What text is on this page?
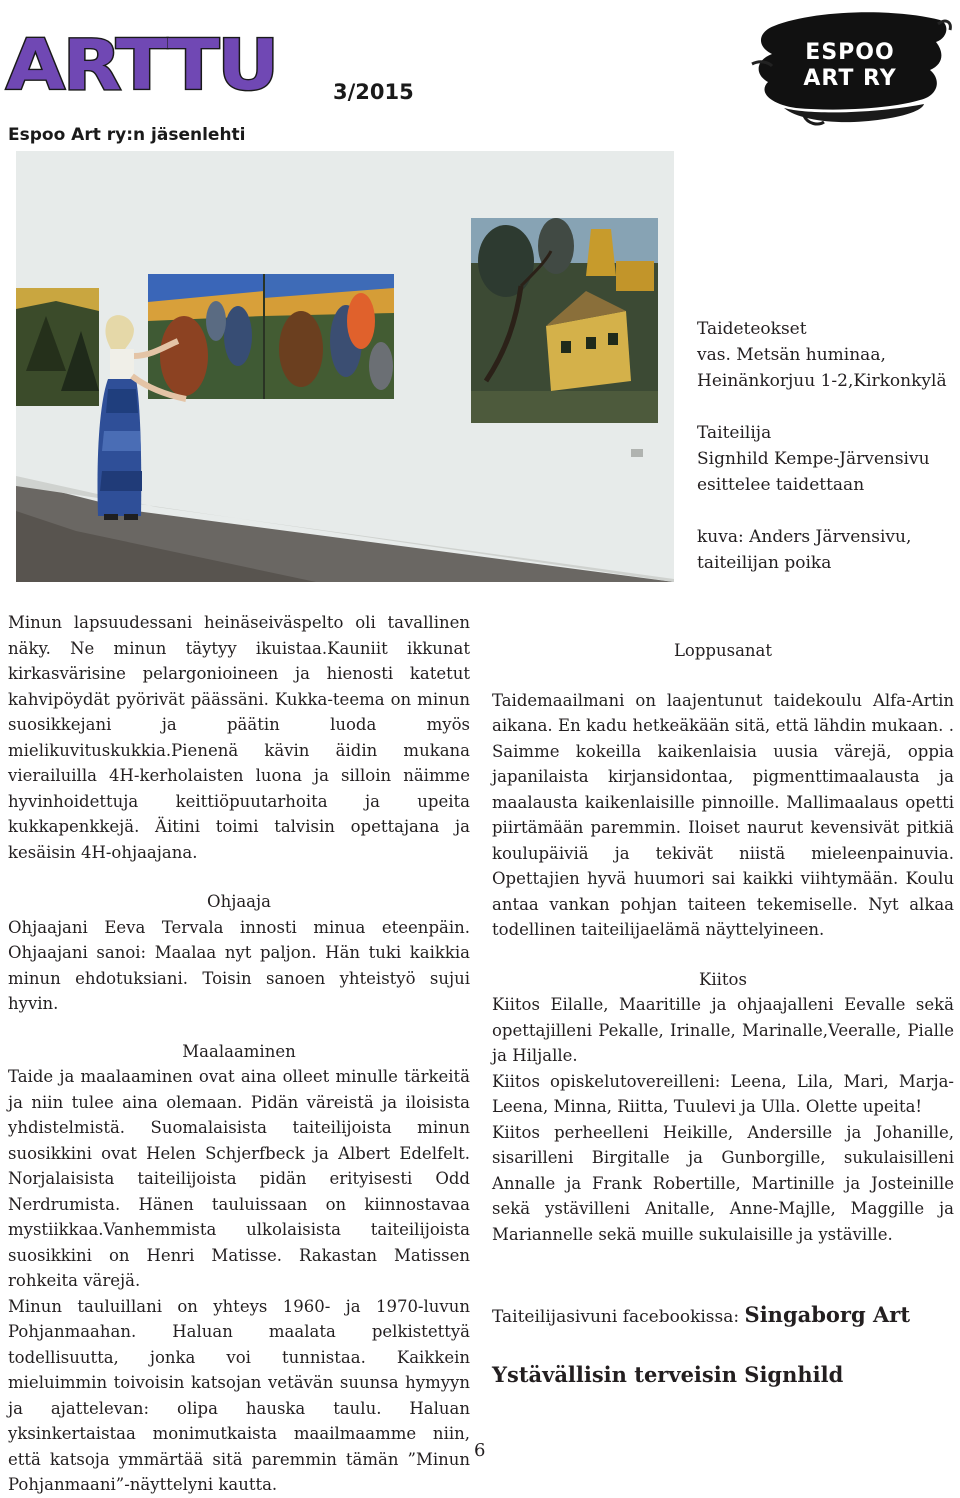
ARTTU	3/2015
Espoo Art ry:n jäsenlehti
ESPOO
ART RY

Taideteokset

vas. Metsän huminaa,

Heinänkorjuu 1-2,Kirkonkylä

Taiteilija

Signhild Kempe-Järvensivu

esittelee taidettaan

kuva: Anders Järvensivu,

taiteilijan poika

Minun lapsuudessani heinäseiväspelto oli tavallinen näky. Ne minun täytyy ikuistaa.Kauniit ikkunat kirkasvärisine pelargonioineen ja hienosti katetut kahvipöydät pyörivät päässäni. Kukka-teema on minun suosikkejani ja päätin luoda myös mielikuvituskukkia.Pienenä kävin äidin mukana vierailuilla 4H-kerholaisten luona ja silloin näimme hyvinhoidettuja keittiöpuutarhoita ja upeita kukkapenkkejä. Äitini toimi talvisin opettajana ja kesäisin 4H-ohjaajana.

Ohjaaja

Ohjaajani Eeva Tervala innosti minua eteenpäin. Ohjaajani sanoi: Maalaa nyt paljon. Hän tuki kaikkia minun ehdotuksiani. Toisin sanoen yhteistyö sujui hyvin.

Maalaaminen

Taide ja maalaaminen ovat aina olleet minulle tärkeitä ja niin tulee aina olemaan. Pidän väreistä ja iloisista yhdistelmistä. Suomalaisista taiteilijoista minun suosikkini ovat Helen Schjerfbeck ja Albert Edelfelt. Norjalaisista taiteilijoista pidän erityisesti Odd Nerdrumista. Hänen tauluissaan on kiinnostavaa mystiikkaa.Vanhemmista ulkolaisista taiteilijoista suosikkini on Henri Matisse. Rakastan Matissen rohkeita värejä.

Minun tauluillani on yhteys 1960- ja 1970-luvun Pohjanmaahan. Haluan maalata pelkistettyä todellisuutta, jonka voi tunnistaa. Kaikkein mieluimmin toivoisin katsojan vetävän suunsa hymyyn ja ajattelevan: olipa hauska taulu. Haluan yksinkertaistaa monimutkaista maailmaamme niin, että katsoja ymmärtää sitä paremmin tämän ”Minun Pohjanmaani”-näyttelyni kautta.

Loppusanat

Taidemaailmani on laajentunut taidekoulu Alfa-Artin aikana. En kadu hetkeäkään sitä, että lähdin mukaan. . Saimme kokeilla kaikenlaisia uusia värejä, oppia japanilaista kirjansidontaa, pigmenttimaalausta ja maalausta kaikenlaisille pinnoille. Mallimaalaus opetti piirtämään paremmin. Iloiset naurut kevensivät pitkiä koulupäiviä ja tekivät niistä mieleenpainuvia. Opettajien hyvä huumori sai kaikki viihtymään. Koulu antaa vankan pohjan taiteen tekemiselle. Nyt alkaa todellinen taiteilijaelämä näyttelyineen.

Kiitos

Kiitos Eilalle, Maaritille ja ohjaajalleni Eevalle sekä opettajilleni Pekalle, Irinalle, Marinalle,Veeralle, Pialle ja Hiljalle.

Kiitos opiskelutovereilleni: Leena, Lila, Mari, Marja-Leena, Minna, Riitta, Tuulevi ja Ulla. Olette upeita!

Kiitos perheelleni Heikille, Andersille ja Johanille, sisarilleni Birgitalle ja Gunborgille, sukulaisilleni Annalle ja Frank Robertille, Martinille ja Josteinille sekä ystävilleni Anitalle, Anne-Majlle, Maggille ja Mariannelle sekä muille sukulaisille ja ystäville.

Taiteilijasivuni facebookissa: Singaborg Art
Ystävällisin terveisin Signhild
6
